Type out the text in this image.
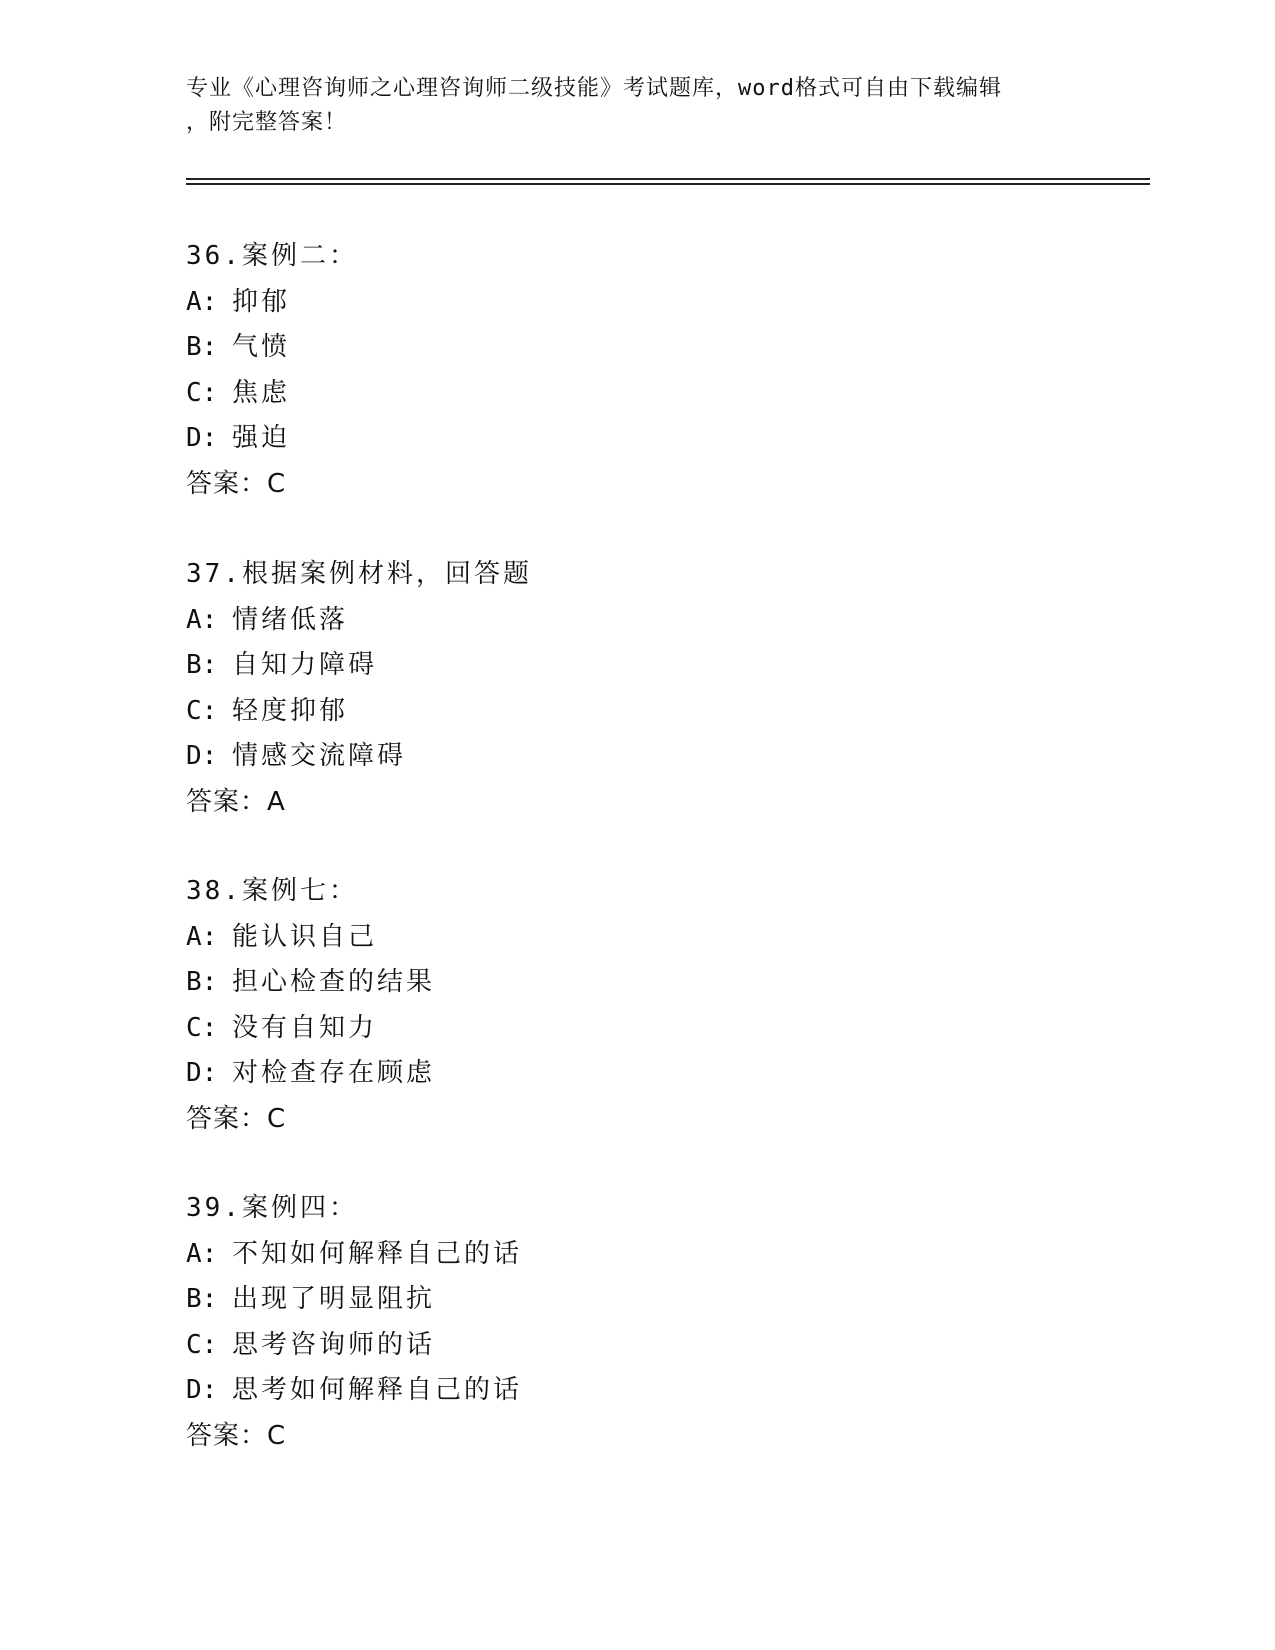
专业《心理咨询师之心理咨询师二级技能》考试题库，word格式可自由下载编辑
，附完整答案！
36.案例二：
A: 抑郁
B: 气愤
C: 焦虑
D: 强迫
答案：C
37.根据案例材料，回答题
A: 情绪低落
B: 自知力障碍
C: 轻度抑郁
D: 情感交流障碍
答案：A
38.案例七：
A: 能认识自己
B: 担心检查的结果
C: 没有自知力
D: 对检查存在顾虑
答案：C
39.案例四：
A: 不知如何解释自己的话
B: 出现了明显阻抗
C: 思考咨询师的话
D: 思考如何解释自己的话
答案：C
